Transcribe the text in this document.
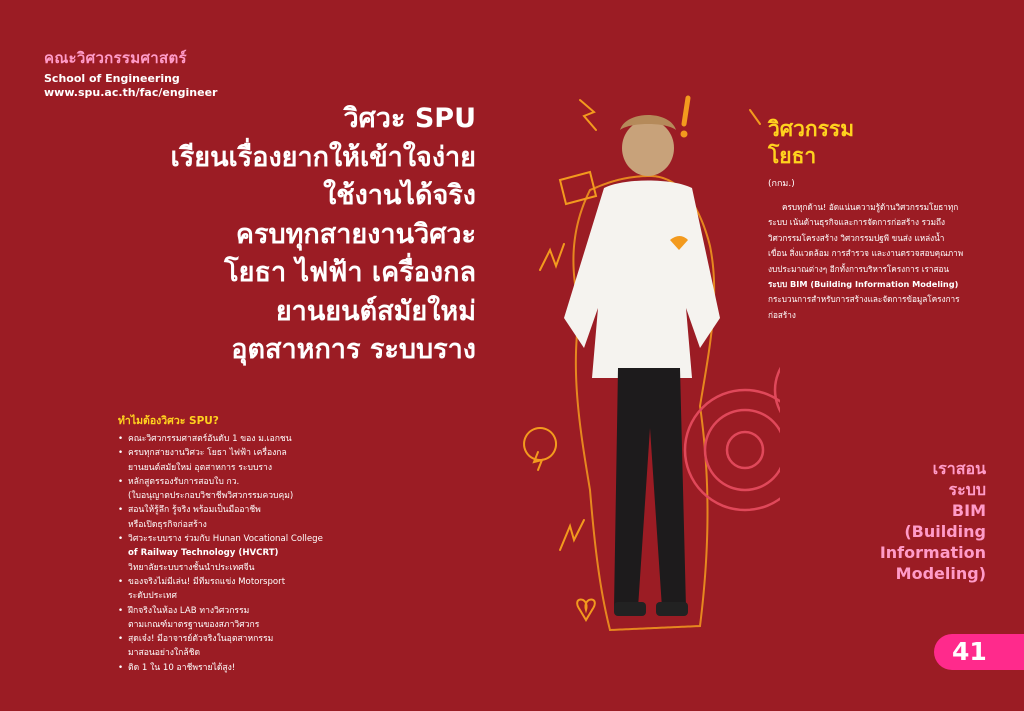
คณะวิศวกรรมศาสตร์
School of Engineering
www.spu.ac.th/fac/engineer
วิศวะ SPU
เรียนเรื่องยากให้เข้าใจง่าย
ใช้งานได้จริง
ครบทุกสายงานวิศวะ
โยธา ไฟฟ้า เครื่องกล
ยานยนต์สมัยใหม่
อุตสาหการ ระบบราง
ทำไมต้องวิศวะ SPU?
• คณะวิศวกรรมศาสตร์อันดับ 1 ของ ม.เอกชน
• ครบทุกสายงานวิศวะ โยธา ไฟฟ้า เครื่องกล
ยานยนต์สมัยใหม่ อุตสาหการ ระบบราง
• หลักสูตรรองรับการสอบใบ กว.
(ใบอนุญาตประกอบวิชาชีพวิศวกรรมควบคุม)
• สอนให้รู้ลึก รู้จริง พร้อมเป็นมืออาชีพ
หรือเปิดธุรกิจก่อสร้าง
• วิศวะระบบราง ร่วมกับ Hunan Vocational College
of Railway Technology (HVCRT)
วิทยาลัยระบบรางชั้นนำประเทศจีน
• ของจริงไม่มีเล่น! มีทีมรถแข่ง Motorsport
ระดับประเทศ
• ฝึกจริงในห้อง LAB ทางวิศวกรรม
ตามเกณฑ์มาตรฐานของสภาวิศวกร
• สุดเจ๋ง! มีอาจารย์ตัวจริงในอุตสาหกรรม
มาสอนอย่างใกล้ชิด
• ติด 1 ใน 10 อาชีพรายได้สูง!
วิศวกรรม
โยธา
(กกม.)
ครบทุกด้าน! อัดแน่นความรู้ด้านวิศวกรรมโยธาทุก
ระบบ เน้นด้านธุรกิจและการจัดการก่อสร้าง รวมถึง
วิศวกรรมโครงสร้าง วิศวกรรมปฐพี ขนส่ง แหล่งน้ำ
เขื่อน สิ่งแวดล้อม การสำรวจ และงานตรวจสอบคุณภาพ
งบประมาณต่างๆ อีกทั้งการบริหารโครงการ เราสอน
ระบบ BIM (Building Information Modeling)
กระบวนการสำหรับการสร้างและจัดการข้อมูลโครงการ
ก่อสร้าง
เราสอน
ระบบ
BIM
(Building
Information
Modeling)
41
